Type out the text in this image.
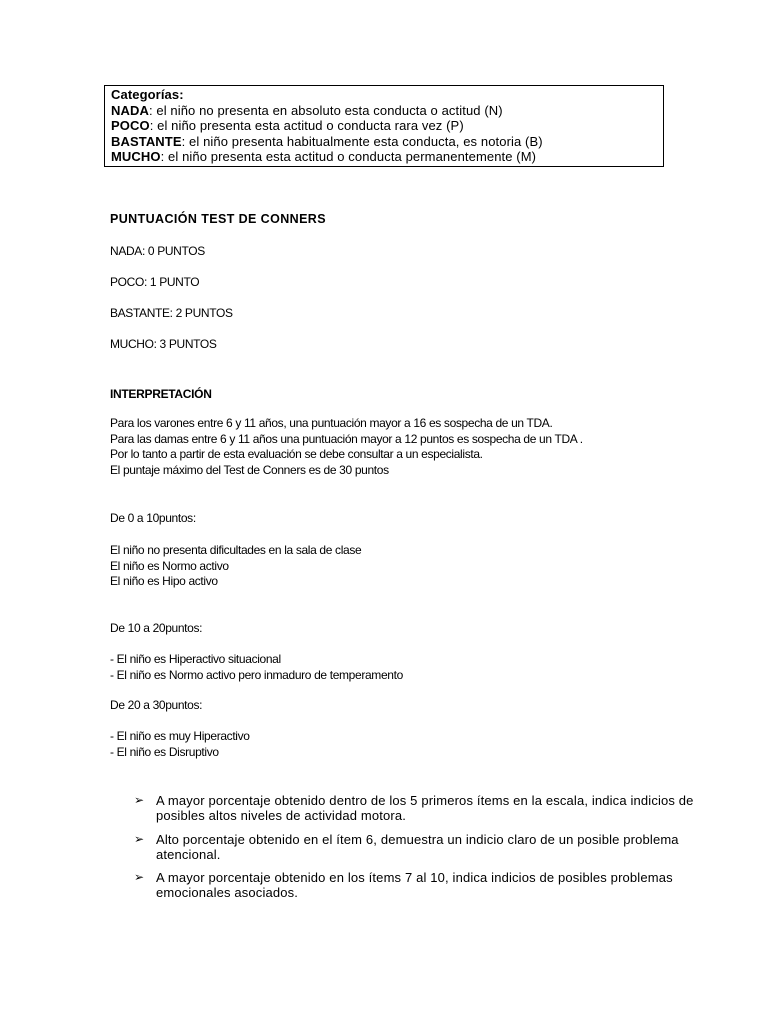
Categorías:
NADA: el niño no presenta en absoluto esta conducta o actitud (N)
POCO: el niño presenta esta actitud o conducta rara vez (P)
BASTANTE: el niño presenta habitualmente esta conducta, es notoria (B)
MUCHO: el niño presenta esta actitud o conducta permanentemente (M)
PUNTUACIÓN TEST DE CONNERS
NADA: 0 PUNTOS
POCO: 1 PUNTO
BASTANTE: 2 PUNTOS
MUCHO: 3 PUNTOS
INTERPRETACIÓN
Para los varones entre 6 y 11 años, una puntuación mayor a 16 es sospecha de un TDA.
Para las damas entre 6 y 11 años una puntuación mayor a 12 puntos es sospecha de un TDA .
Por lo tanto a partir de esta evaluación se debe consultar a un especialista.
El puntaje máximo del Test de Conners es de 30 puntos
De 0 a 10puntos:
El niño no presenta dificultades en la sala de clase
El niño es Normo activo
El niño es Hipo activo
De 10 a 20puntos:
- El niño es Hiperactivo situacional
- El niño es Normo activo pero inmaduro de temperamento
De 20 a 30puntos:
- El niño es muy Hiperactivo
- El niño es Disruptivo
➢ A mayor porcentaje obtenido dentro de los 5 primeros ítems en la escala, indica indicios de posibles altos niveles de actividad motora.
➢ Alto porcentaje obtenido en el ítem 6, demuestra un indicio claro de un posible problema atencional.
➢ A mayor porcentaje obtenido en los ítems 7 al 10, indica indicios de posibles problemas emocionales asociados.
